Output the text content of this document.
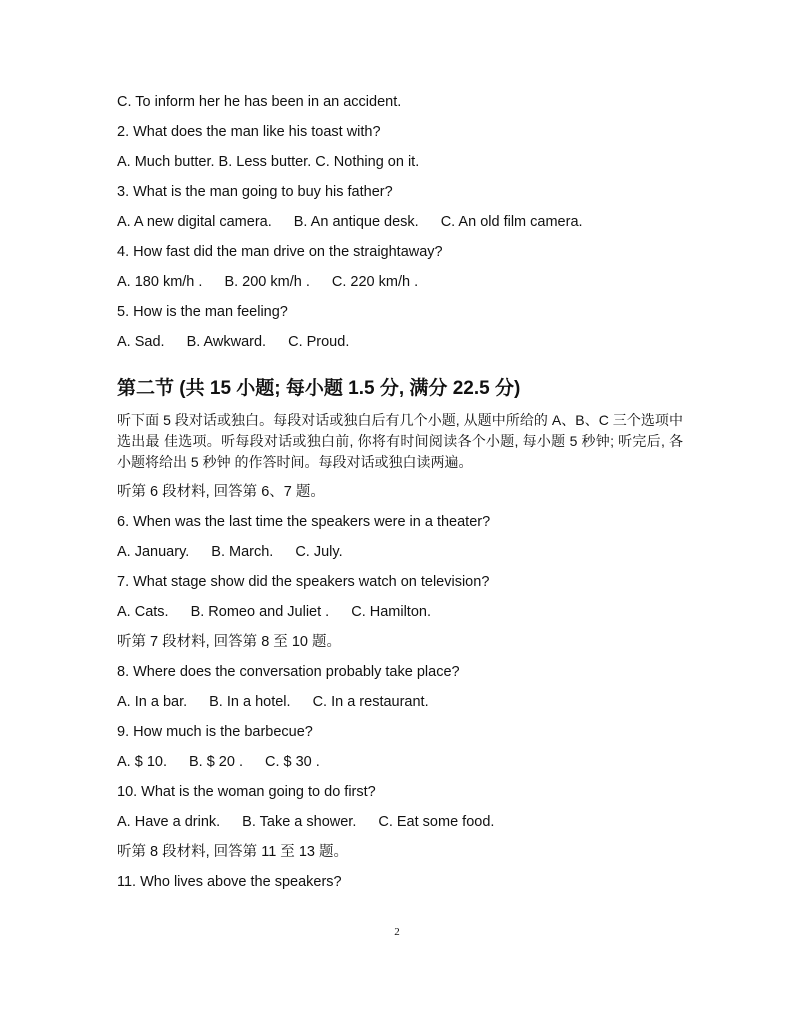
C. To inform her he has been in an accident.
2. What does the man like his toast with?
A. Much butter. B. Less butter. C. Nothing on it.
3. What is the man going to buy his father?
A. A new digital camera. B. An antique desk. C. An old film camera.
4. How fast did the man drive on the straightaway?
A. 180 km/h . B. 200 km/h . C. 220 km/h .
5. How is the man feeling?
A. Sad. B. Awkward. C. Proud.
第二节 (共 15 小题; 每小题 1.5 分, 满分 22.5 分)

听下面 5 段对话或独白。每段对话或独白后有几个小题, 从题中所给的 A、B、C 三个选项中选出最 佳选项。听每段对话或独白前, 你将有时间阅读各个小题, 每小题 5 秒钟; 听完后, 各小题将给出 5 秒钟 的作答时间。每段对话或独白读两遍。

听第 6 段材料, 回答第 6、7 题。
6. When was the last time the speakers were in a theater?
A. January. B. March. C. July.
7. What stage show did the speakers watch on television?
A. Cats. B. Romeo and Juliet . C. Hamilton.
听第 7 段材料, 回答第 8 至 10 题。
8. Where does the conversation probably take place?
A. In a bar. B. In a hotel. C. In a restaurant.
9. How much is the barbecue?
A. $ 10. B. $ 20 . C. $ 30 .
10. What is the woman going to do first?
A. Have a drink. B. Take a shower. C. Eat some food.
听第 8 段材料, 回答第 11 至 13 题。
11. Who lives above the speakers?
2
